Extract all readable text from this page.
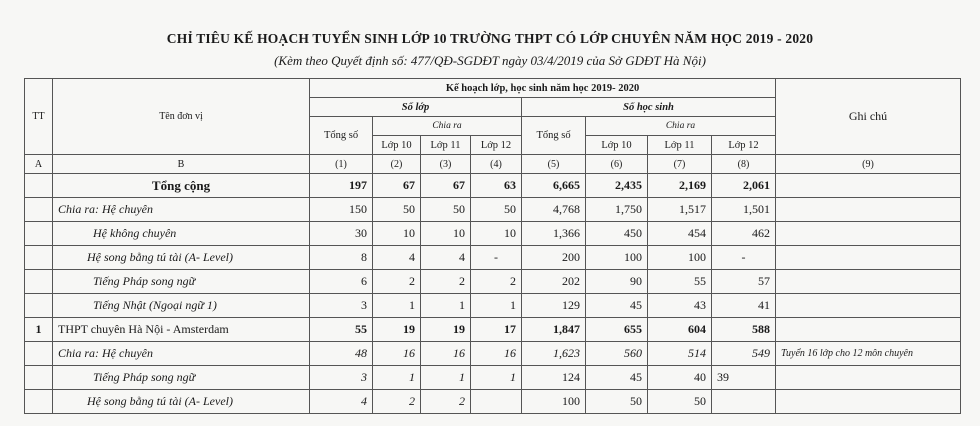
CHỈ TIÊU KẾ HOẠCH TUYỂN SINH LỚP 10 TRƯỜNG THPT CÓ LỚP CHUYÊN NĂM HỌC 2019 - 2020
(Kèm theo Quyết định số: 477/QĐ-SGDĐT ngày 03/4/2019 của Sở GDĐT Hà Nội)
TT	Tên đơn vị	Kế hoạch lớp, học sinh năm học 2019- 2020								Ghi chú
		Số lớp				Số học sinh				
		Tổng số	Chia ra			Tổng số	Chia ra			
			Lớp 10	Lớp 11	Lớp 12		Lớp 10	Lớp 11	Lớp 12	
A	B	(1)	(2)	(3)	(4)	(5)	(6)	(7)	(8)	(9)
	Tổng cộng	197	67	67	63	6,665	2,435	2,169	2,061	
	Chia ra: Hệ chuyên	150	50	50	50	4,768	1,750	1,517	1,501	
	Hệ không chuyên	30	10	10	10	1,366	450	454	462	
	Hệ song bằng tú tài (A- Level)	8	4	4	-	200	100	100	-	
	Tiếng Pháp song ngữ	6	2	2	2	202	90	55	57	
	Tiếng Nhật (Ngoại ngữ 1)	3	1	1	1	129	45	43	41	
1	THPT chuyên Hà Nội - Amsterdam	55	19	19	17	1,847	655	604	588	
	Chia ra: Hệ chuyên	48	16	16	16	1,623	560	514	549	Tuyển 16 lớp cho 12 môn chuyên
	Tiếng Pháp song ngữ	3	1	1	1	124	45	40	39	
	Hệ song bằng tú tài (A- Level)	4	2	2		100	50	50		
